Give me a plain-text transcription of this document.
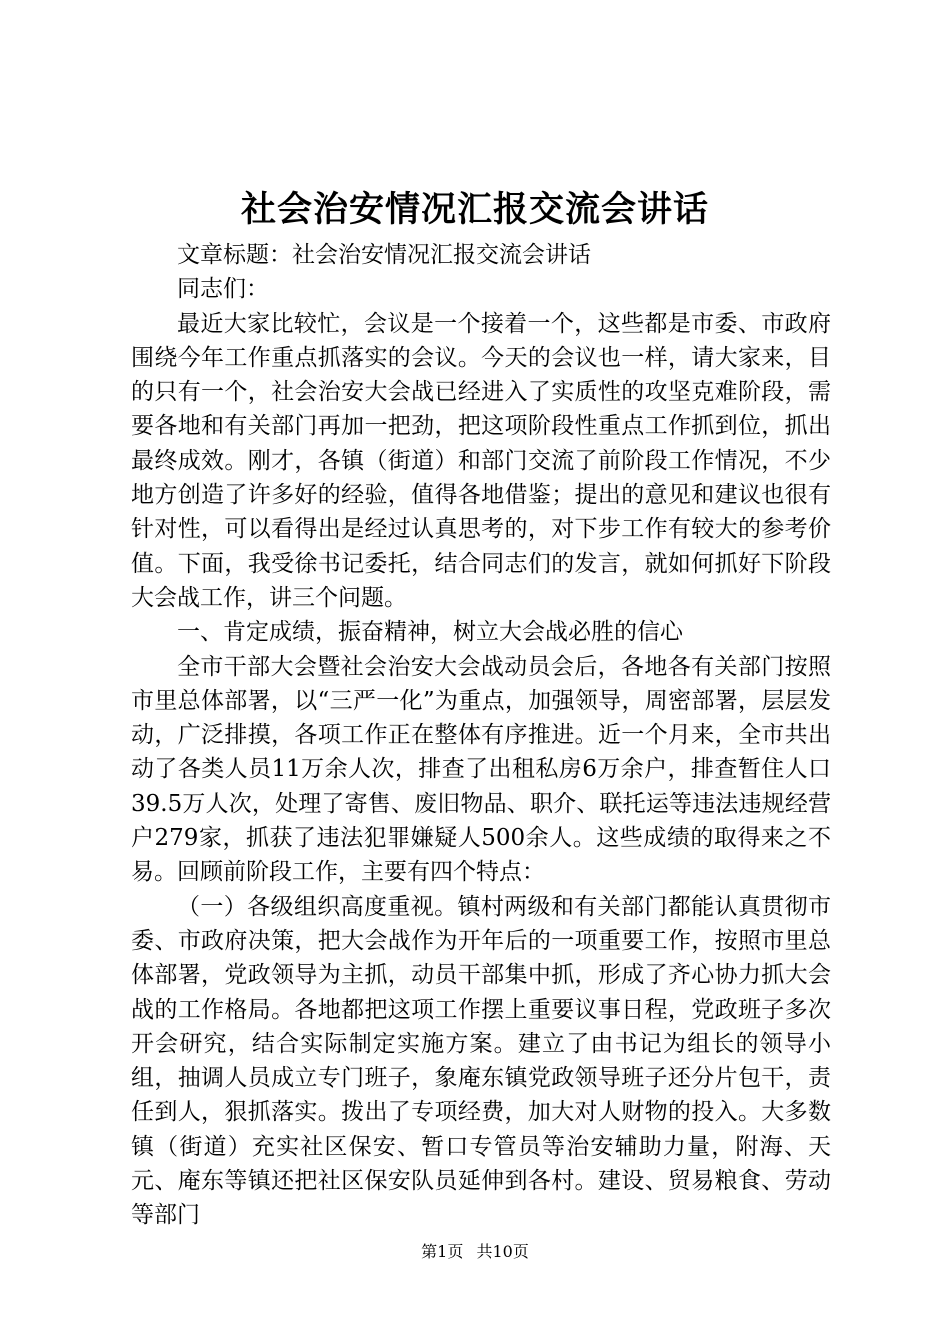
社会治安情况汇报交流会讲话

文章标题：社会治安情况汇报交流会讲话

同志们：

最近大家比较忙，会议是一个接着一个，这些都是市委、市政府围绕今年工作重点抓落实的会议。今天的会议也一样，请大家来，目的只有一个，社会治安大会战已经进入了实质性的攻坚克难阶段，需要各地和有关部门再加一把劲，把这项阶段性重点工作抓到位，抓出最终成效。刚才，各镇（街道）和部门交流了前阶段工作情况，不少地方创造了许多好的经验，值得各地借鉴；提出的意见和建议也很有针对性，可以看得出是经过认真思考的，对下步工作有较大的参考价值。下面，我受徐书记委托，结合同志们的发言，就如何抓好下阶段大会战工作，讲三个问题。

一、肯定成绩，振奋精神，树立大会战必胜的信心

全市干部大会暨社会治安大会战动员会后，各地各有关部门按照市里总体部署，以“三严一化”为重点，加强领导，周密部署，层层发动，广泛排摸，各项工作正在整体有序推进。近一个月来，全市共出动了各类人员11万余人次，排查了出租私房6万余户，排查暂住人口39.5万人次，处理了寄售、废旧物品、职介、联托运等违法违规经营户279家，抓获了违法犯罪嫌疑人500余人。这些成绩的取得来之不易。回顾前阶段工作，主要有四个特点：

（一）各级组织高度重视。镇村两级和有关部门都能认真贯彻市委、市政府决策，把大会战作为开年后的一项重要工作，按照市里总体部署，党政领导为主抓，动员干部集中抓，形成了齐心协力抓大会战的工作格局。各地都把这项工作摆上重要议事日程，党政班子多次开会研究，结合实际制定实施方案。建立了由书记为组长的领导小组，抽调人员成立专门班子，象庵东镇党政领导班子还分片包干，责任到人，狠抓落实。拨出了专项经费，加大对人财物的投入。大多数镇（街道）充实社区保安、暂口专管员等治安辅助力量，附海、天元、庵东等镇还把社区保安队员延伸到各村。建设、贸易粮食、劳动等部门

第1页 共10页
